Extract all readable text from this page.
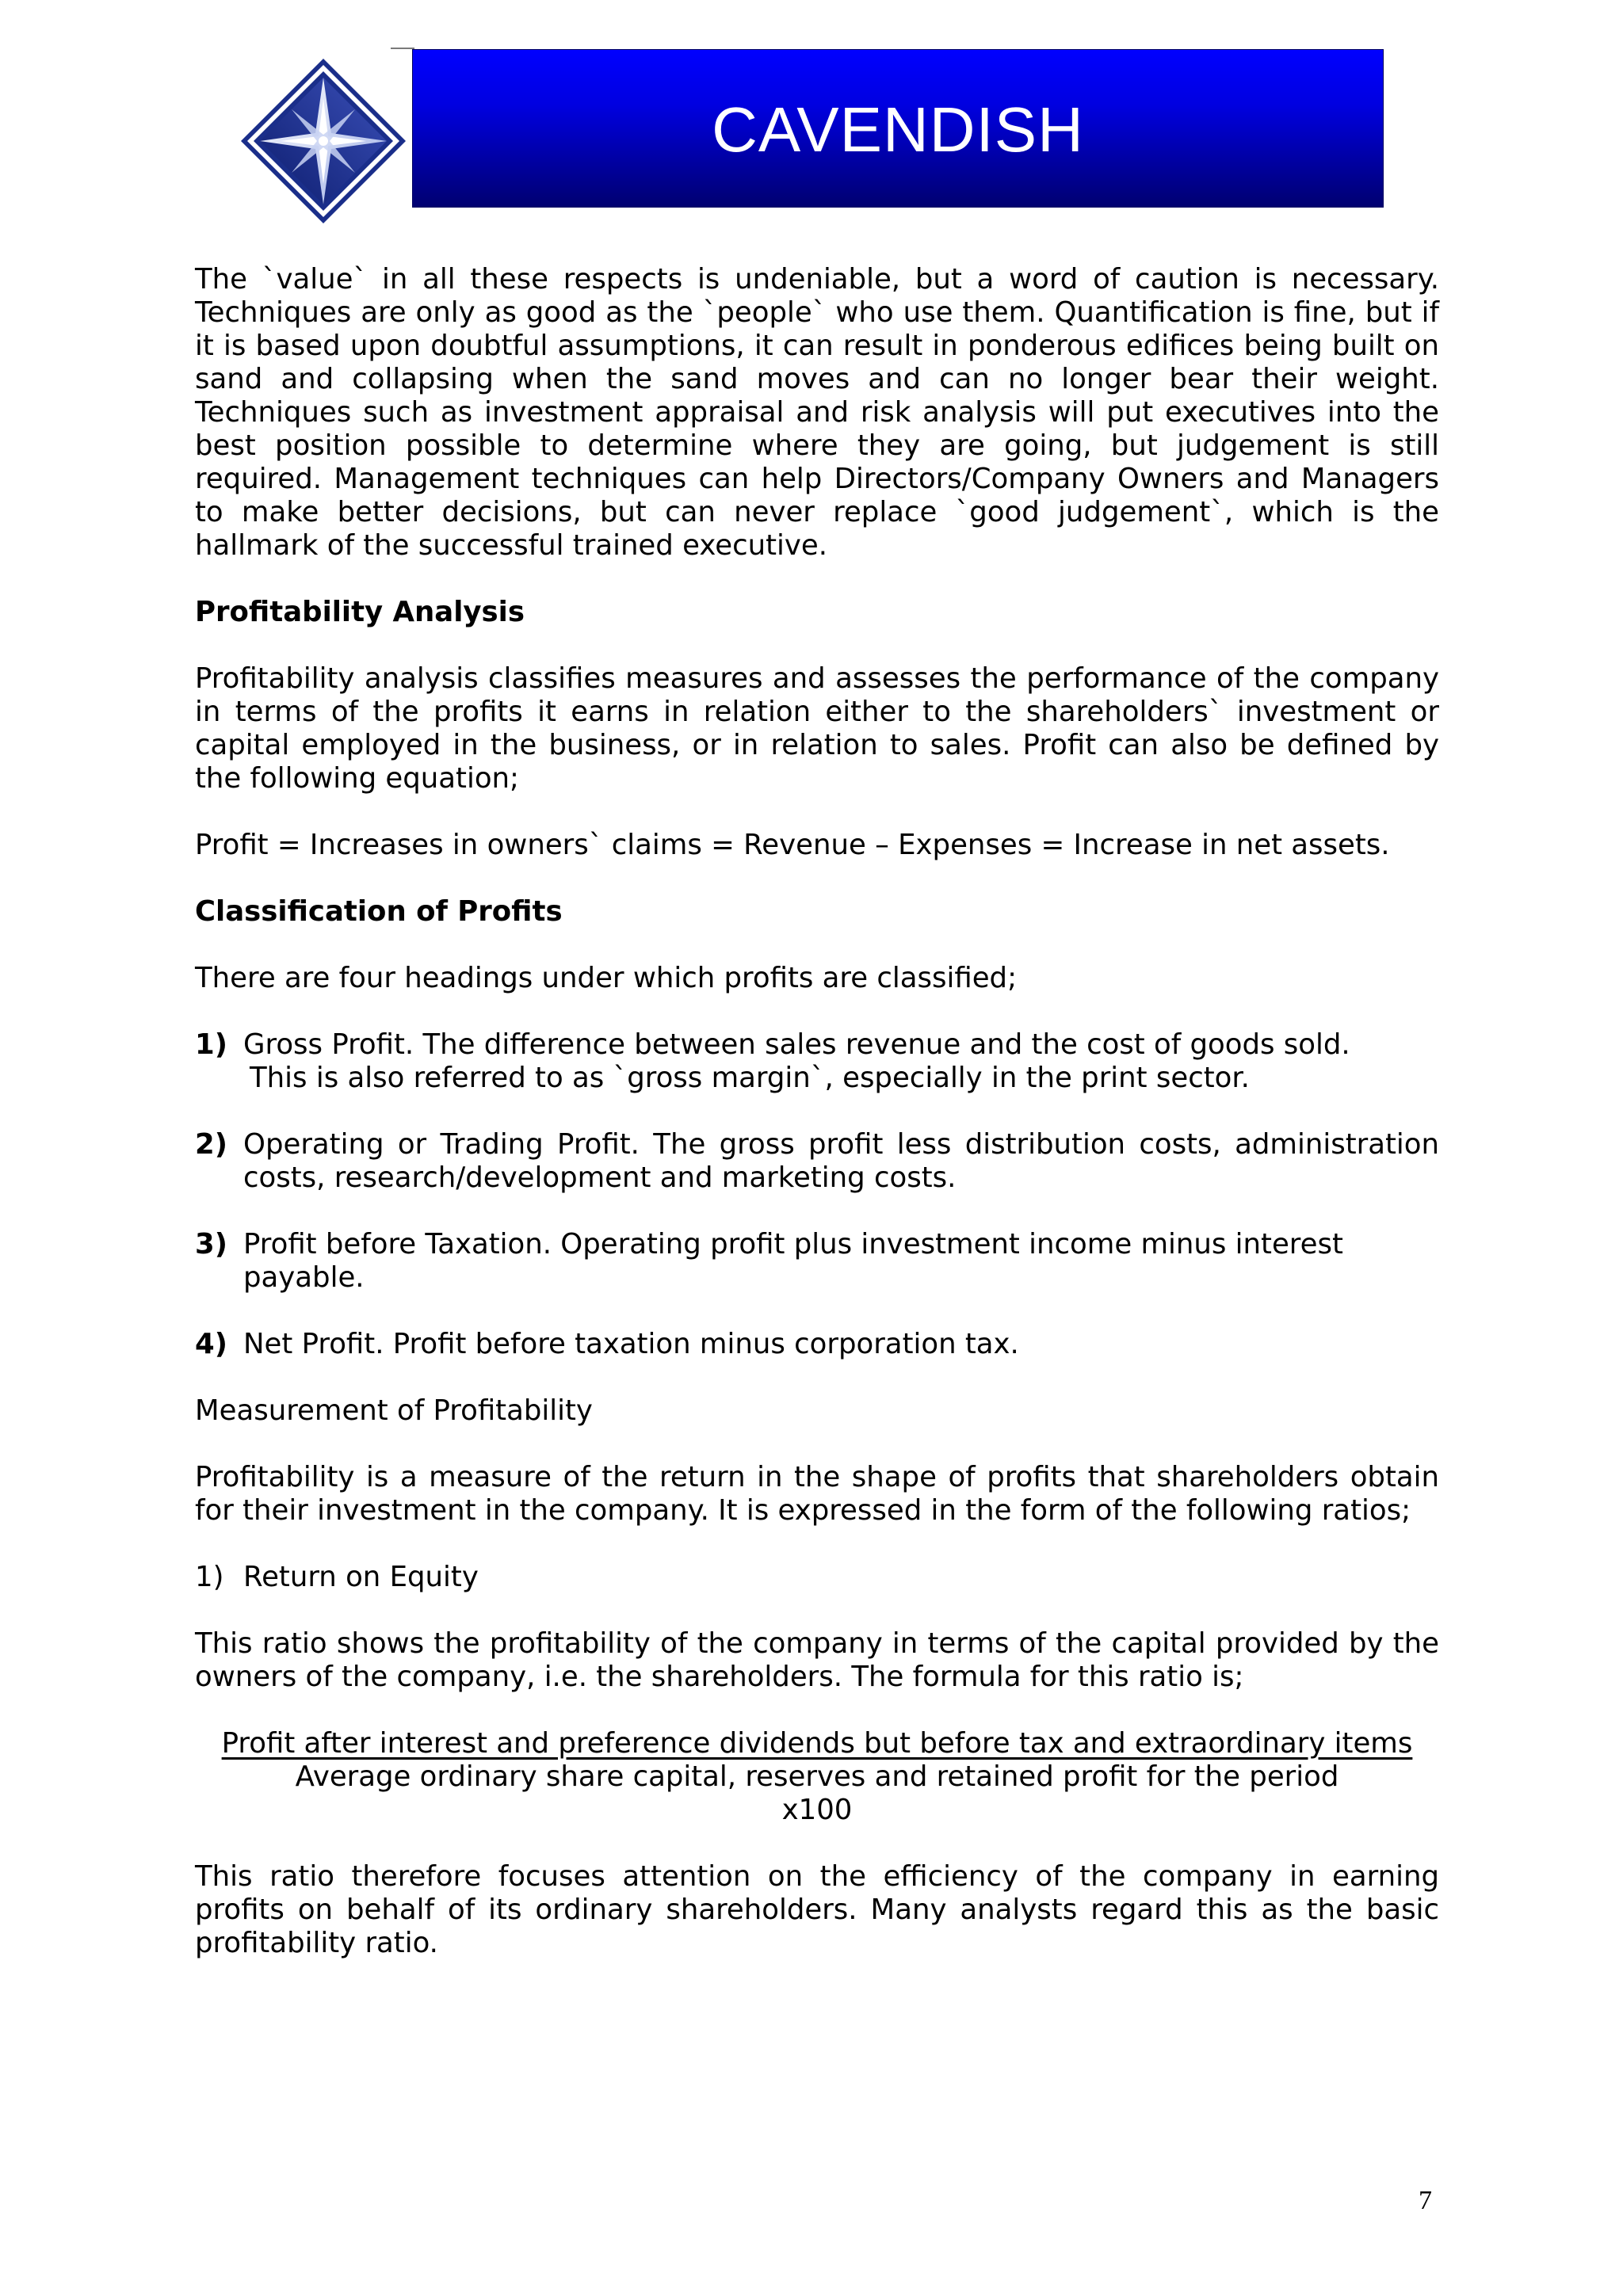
CAVENDISH

The `value` in all these respects is undeniable, but a word of caution is necessary. Techniques are only as good as the `people` who use them. Quantification is fine, but if it is based upon doubtful assumptions, it can result in ponderous edifices being built on sand and collapsing when the sand moves and can no longer bear their weight. Techniques such as investment appraisal and risk analysis will put executives into the best position possible to determine where they are going, but judgement is still required. Management techniques can help Directors/Company Owners and Managers to make better decisions, but can never replace `good judgement`, which is the hallmark of the successful trained executive.

Profitability Analysis

Profitability analysis classifies measures and assesses the performance of the company in terms of the profits it earns in relation either to the shareholders` investment or capital employed in the business, or in relation to sales. Profit can also be defined by the following equation;

Profit = Increases in owners` claims = Revenue – Expenses = Increase in net assets.

Classification of Profits

There are four headings under which profits are classified;

1) Gross Profit. The difference between sales revenue and the cost of goods sold.
This is also referred to as `gross margin`, especially in the print sector.
2) Operating or Trading Profit. The gross profit less distribution costs, administration costs, research/development and marketing costs.
3) Profit before Taxation. Operating profit plus investment income minus interest
payable.
4) Net Profit. Profit before taxation minus corporation tax.

Measurement of Profitability

Profitability is a measure of the return in the shape of profits that shareholders obtain for their investment in the company. It is expressed in the form of the following ratios;

1) Return on Equity

This ratio shows the profitability of the company in terms of the capital provided by the owners of the company, i.e. the shareholders. The formula for this ratio is;

Profit after interest and preference dividends but before tax and extraordinary items
Average ordinary share capital, reserves and retained profit for the period
x100

This ratio therefore focuses attention on the efficiency of the company in earning profits on behalf of its ordinary shareholders. Many analysts regard this as the basic profitability ratio.

7
